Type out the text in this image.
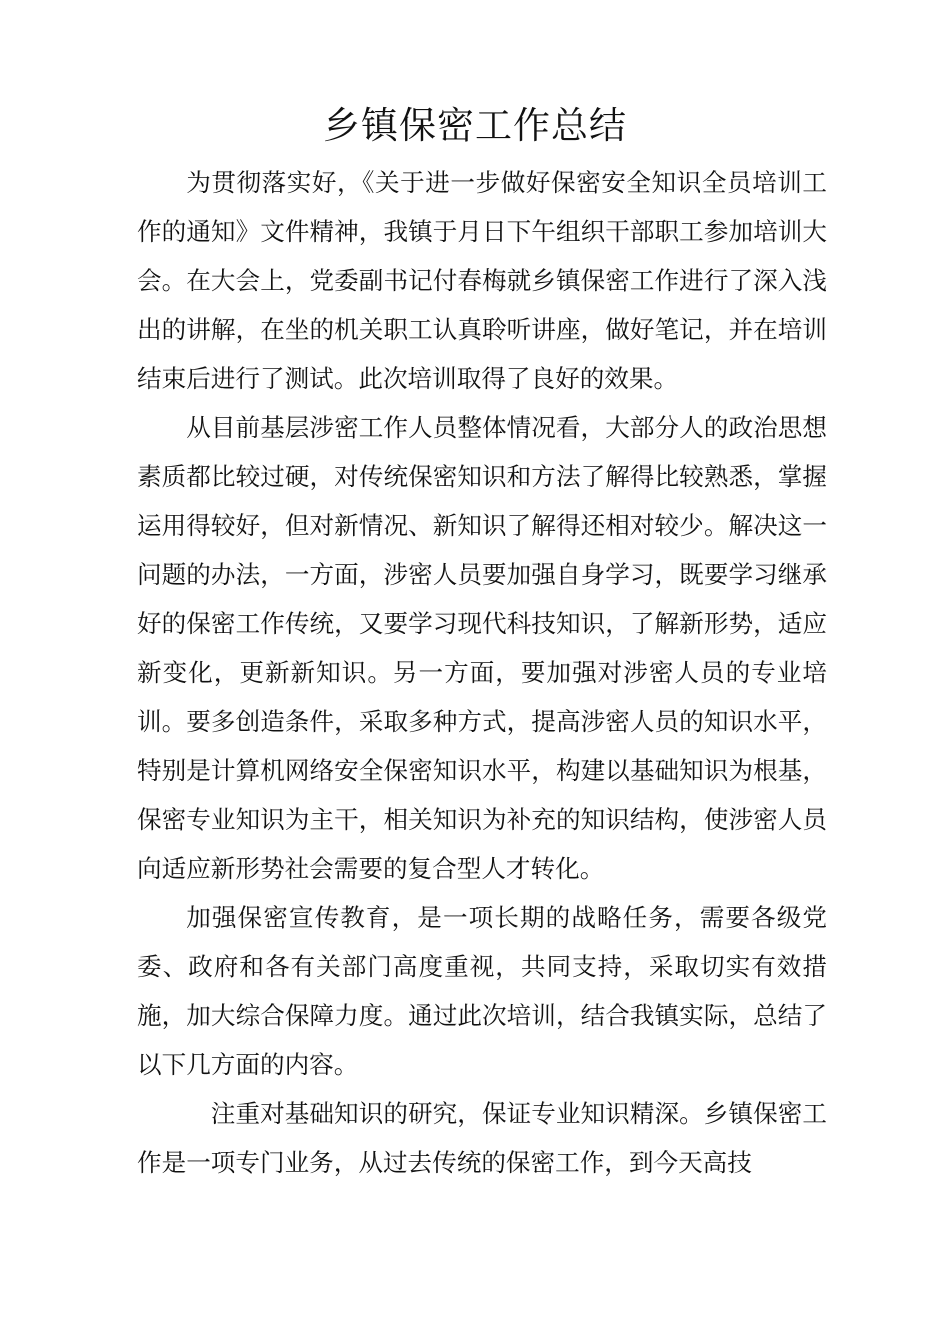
乡镇保密工作总结

为贯彻落实好，《关于进一步做好保密安全知识全员培训工作的通知》文件精神，我镇于月日下午组织干部职工参加培训大会。在大会上，党委副书记付春梅就乡镇保密工作进行了深入浅出的讲解，在坐的机关职工认真聆听讲座，做好笔记，并在培训结束后进行了测试。此次培训取得了良好的效果。

从目前基层涉密工作人员整体情况看，大部分人的政治思想素质都比较过硬，对传统保密知识和方法了解得比较熟悉，掌握运用得较好，但对新情况、新知识了解得还相对较少。解决这一问题的办法，一方面，涉密人员要加强自身学习，既要学习继承好的保密工作传统，又要学习现代科技知识，了解新形势，适应新变化，更新新知识。另一方面，要加强对涉密人员的专业培训。要多创造条件，采取多种方式，提高涉密人员的知识水平，特别是计算机网络安全保密知识水平，构建以基础知识为根基，保密专业知识为主干，相关知识为补充的知识结构，使涉密人员向适应新形势社会需要的复合型人才转化。

加强保密宣传教育，是一项长期的战略任务，需要各级党委、政府和各有关部门高度重视，共同支持，采取切实有效措施，加大综合保障力度。通过此次培训，结合我镇实际，总结了以下几方面的内容。

注重对基础知识的研究，保证专业知识精深。乡镇保密工作是一项专门业务，从过去传统的保密工作，到今天高技
